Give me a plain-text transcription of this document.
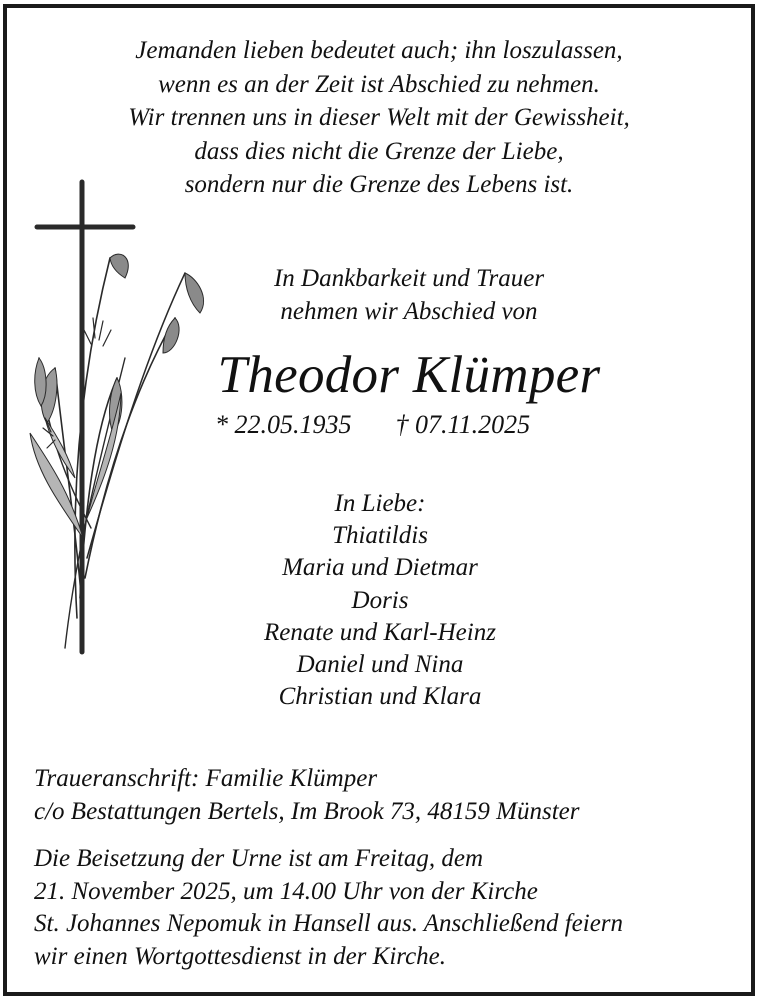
Jemanden lieben bedeutet auch; ihn loszulassen,
wenn es an der Zeit ist Abschied zu nehmen.
Wir trennen uns in dieser Welt mit der Gewissheit,
dass dies nicht die Grenze der Liebe,
sondern nur die Grenze des Lebens ist.
In Dankbarkeit und Trauer
nehmen wir Abschied von
Theodor Klümper
* 22.05.1935 † 07.11.2025
In Liebe:
Thiatildis
Maria und Dietmar
Doris
Renate und Karl-Heinz
Daniel und Nina
Christian und Klara
Traueranschrift: Familie Klümper
c/o Bestattungen Bertels, Im Brook 73, 48159 Münster
Die Beisetzung der Urne ist am Freitag, dem
21. November 2025, um 14.00 Uhr von der Kirche
St. Johannes Nepomuk in Hansell aus. Anschließend feiern
wir einen Wortgottesdienst in der Kirche.
